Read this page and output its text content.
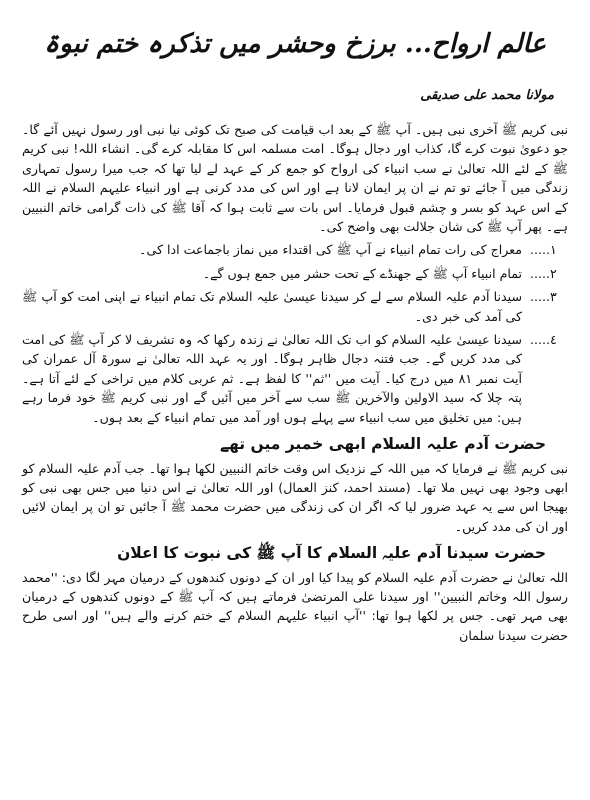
عالم ارواح... برزخ وحشر میں تذکرہ ختم نبوۃ
مولانا محمد علی صدیقی

نبی کریم ﷺ آخری نبی ہیں۔ آپ ﷺ کے بعد اب قیامت کی صبح تک کوئی نیا نبی اور رسول نہیں آئے گا۔ جو دعویٰ نبوت کرے گا، کذاب اور دجال ہوگا۔ امت مسلمہ اس کا مقابلہ کرے گی۔ انشاء اللہ! نبی کریم ﷺ کے لئے اللہ تعالیٰ نے سب انبیاء کی ارواح کو جمع کر کے عہد لے لیا تھا کہ جب میرا رسول تمہاری زندگی میں آ جائے تو تم نے ان پر ایمان لانا ہے اور اس کی مدد کرنی ہے اور انبیاء علیہم السلام نے اللہ کے اس عہد کو بسر و چشم قبول فرمایا۔ اس بات سے ثابت ہوا کہ آقا ﷺ کی ذات گرامی خاتم النبیین ہے۔ پھر آپ ﷺ کی شان جلالت بھی واضح کی۔

١.....
معراج کی رات تمام انبیاء نے آپ ﷺ کی اقتداء میں نماز باجماعت ادا کی۔
٢.....
تمام انبیاء آپ ﷺ کے جھنڈے کے تحت حشر میں جمع ہوں گے۔
٣.....
سیدنا آدم علیہ السلام سے لے کر سیدنا عیسیٰ علیہ السلام تک تمام انبیاء نے اپنی امت کو آپ ﷺ کی آمد کی خبر دی۔
٤.....
سیدنا عیسیٰ علیہ السلام کو اب تک اللہ تعالیٰ نے زندہ رکھا کہ وہ تشریف لا کر آپ ﷺ کی امت کی مدد کریں گے۔ جب فتنہ دجال ظاہر ہوگا۔ اور یہ عہد اللہ تعالیٰ نے سورۃ آل عمران کی آیت نمبر ٨١ میں درج کیا۔ آیت میں ''ثم'' کا لفظ ہے۔ ثم عربی کلام میں تراخی کے لئے آتا ہے۔ پتہ چلا کہ سید الاولین والآخرین ﷺ سب سے آخر میں آئیں گے اور نبی کریم ﷺ خود فرما رہے ہیں: میں تخلیق میں سب انبیاء سے پہلے ہوں اور آمد میں تمام انبیاء کے بعد ہوں۔
حضرت آدم علیہ السلام ابھی خمیر میں تھے

نبی کریم ﷺ نے فرمایا کہ میں اللہ کے نزدیک اس وقت خاتم النبیین لکھا ہوا تھا۔ جب آدم علیہ السلام کو ابھی وجود بھی نہیں ملا تھا۔ (مسند احمد، کنز العمال) اور اللہ تعالیٰ نے اس دنیا میں جس بھی نبی کو بھیجا اس سے یہ عہد ضرور لیا کہ اگر ان کی زندگی میں حضرت محمد ﷺ آ جائیں تو ان پر ایمان لائیں اور ان کی مدد کریں۔

حضرت سیدنا آدم علیہ السلام کا آپ ﷺ کی نبوت کا اعلان

اللہ تعالیٰ نے حضرت آدم علیہ السلام کو پیدا کیا اور ان کے دونوں کندھوں کے درمیان مہر لگا دی: ''محمد رسول اللہ وخاتم النبیین'' اور سیدنا علی المرتضیٰ فرماتے ہیں کہ آپ ﷺ کے دونوں کندھوں کے درمیان بھی مہر تھی۔ جس پر لکھا ہوا تھا: ''آپ انبیاء علیہم السلام کے ختم کرنے والے ہیں'' اور اسی طرح حضرت سیدنا سلمان
